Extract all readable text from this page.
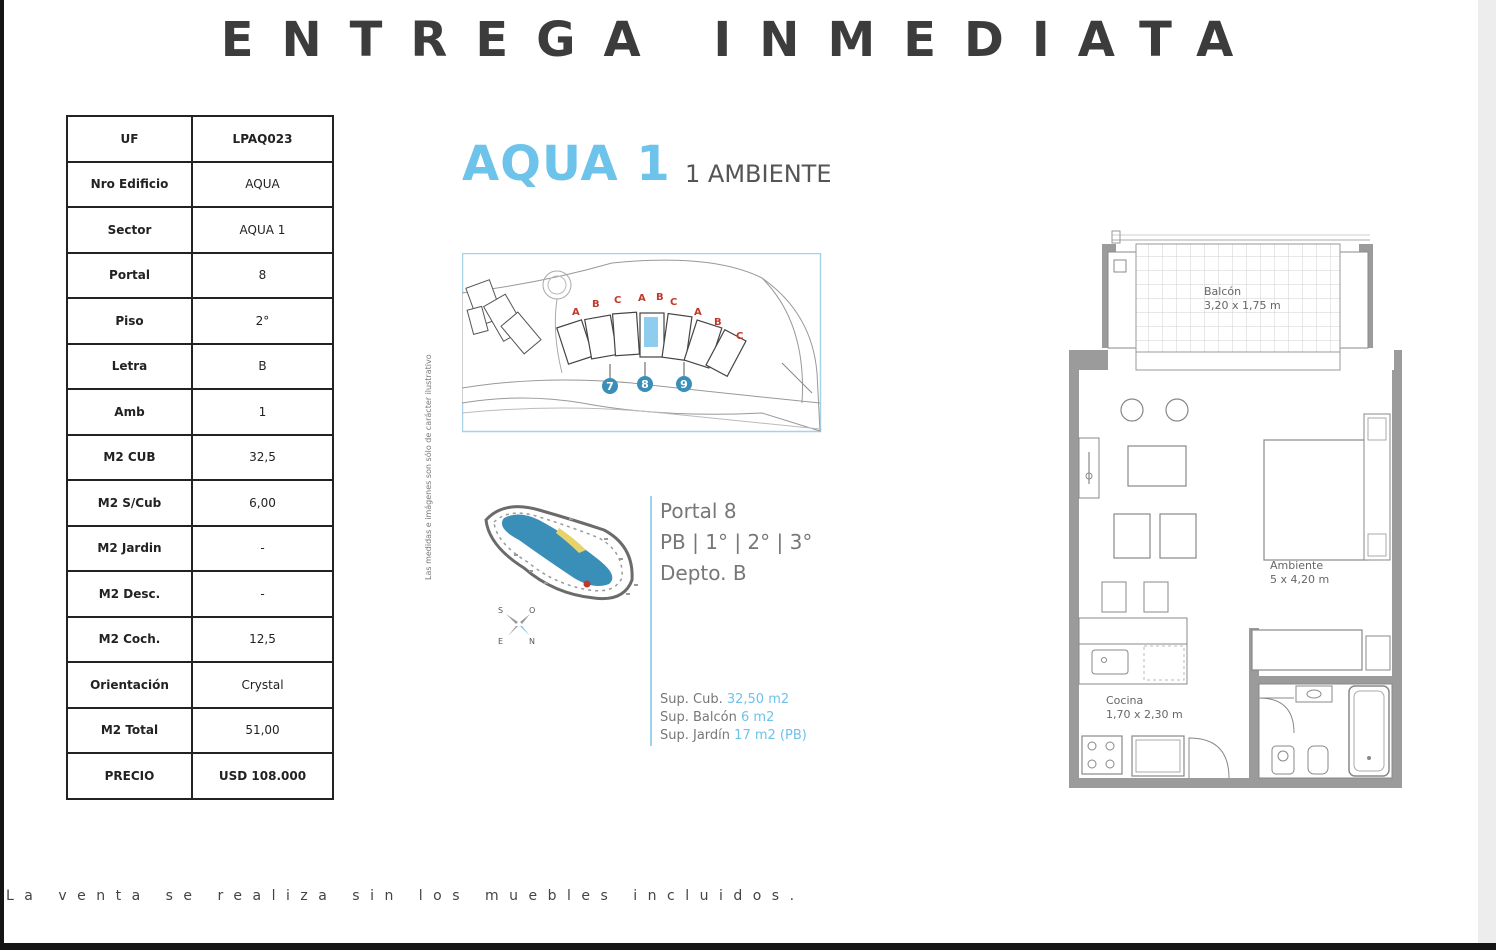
ENTREGA INMEDIATA
UF	LPAQ023
Nro Edificio	AQUA
Sector	AQUA 1
Portal	8
Piso	2°
Letra	B
Amb	1
M2 CUB	32,5
M2 S/Cub	6,00
M2 Jardin	-
M2 Desc.	-
M2 Coch.	12,5
Orientación	Crystal
M2 Total	51,00
PRECIO	USD 108.000
AQUA 1 1 AMBIENTE
Las medidas e imágenes son sólo de carácter ilustrativo
A
B C A B C
A
B
C
7 8	9
S	O
E	N
Portal 8
PB | 1° | 2° | 3°
Depto. B
Sup. Cub. 32,50 m2
Sup. Balcón 6 m2
Sup. Jardín 17 m2 (PB)
Balcón
3,20 x 1,75 m
Ambiente
5 x 4,20 m
Cocina
1,70 x 2,30 m
La venta se realiza sin los muebles incluidos.
